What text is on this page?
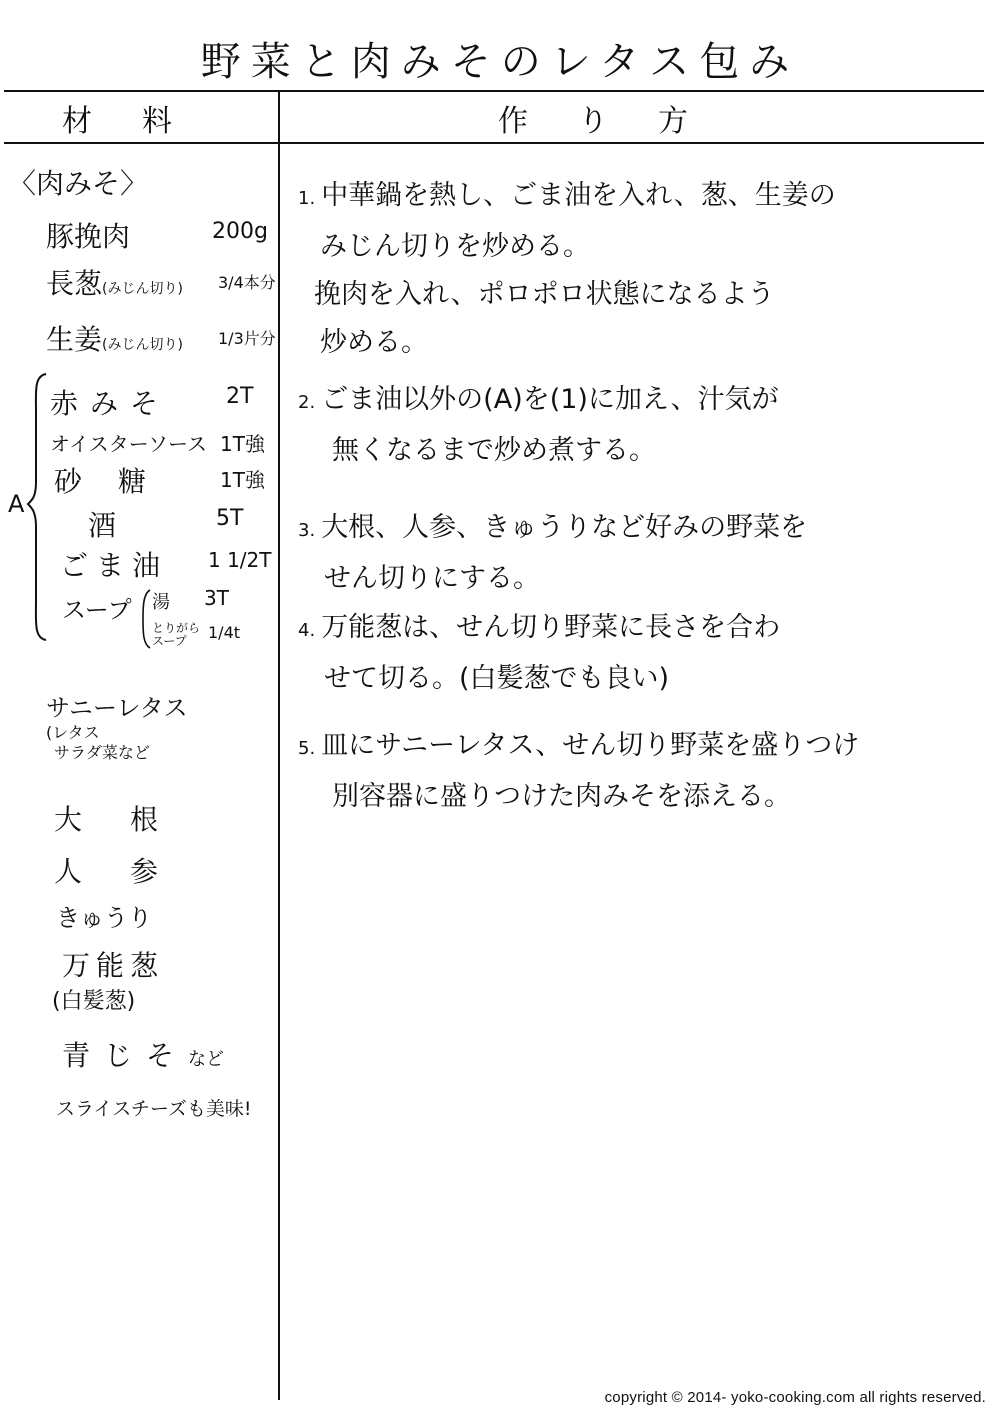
野菜と肉みそのレタス包み
材料	作り方
〈肉みそ〉
豚挽肉	200g
長葱(みじん切り) 3/4本分
生姜(みじん切り) 1/3片分
A
赤みそ	2T
オイスターソース 1T強
砂糖 1T強
酒	5T
ごま油 1 1/2T
スープ 湯 3T
とりがらスープ 1/4t
サニーレタス
(レタス
サラダ菜など
大根
人参
きゅうり
万能葱
(白髪葱)
青じそなど
スライスチーズも美味!
1. 中華鍋を熱し、ごま油を入れ、葱、生姜の
みじん切りを炒める。
挽肉を入れ、ポロポロ状態になるよう
炒める。
2. ごま油以外の(A)を(1)に加え、汁気が
無くなるまで炒め煮する。
3. 大根、人参、きゅうりなど好みの野菜を
せん切りにする。
4. 万能葱は、せん切り野菜に長さを合わ
せて切る。(白髪葱でも良い)
5. 皿にサニーレタス、せん切り野菜を盛りつけ
別容器に盛りつけた肉みそを添える。
copyright © 2014- yoko-cooking.com all rights reserved.
